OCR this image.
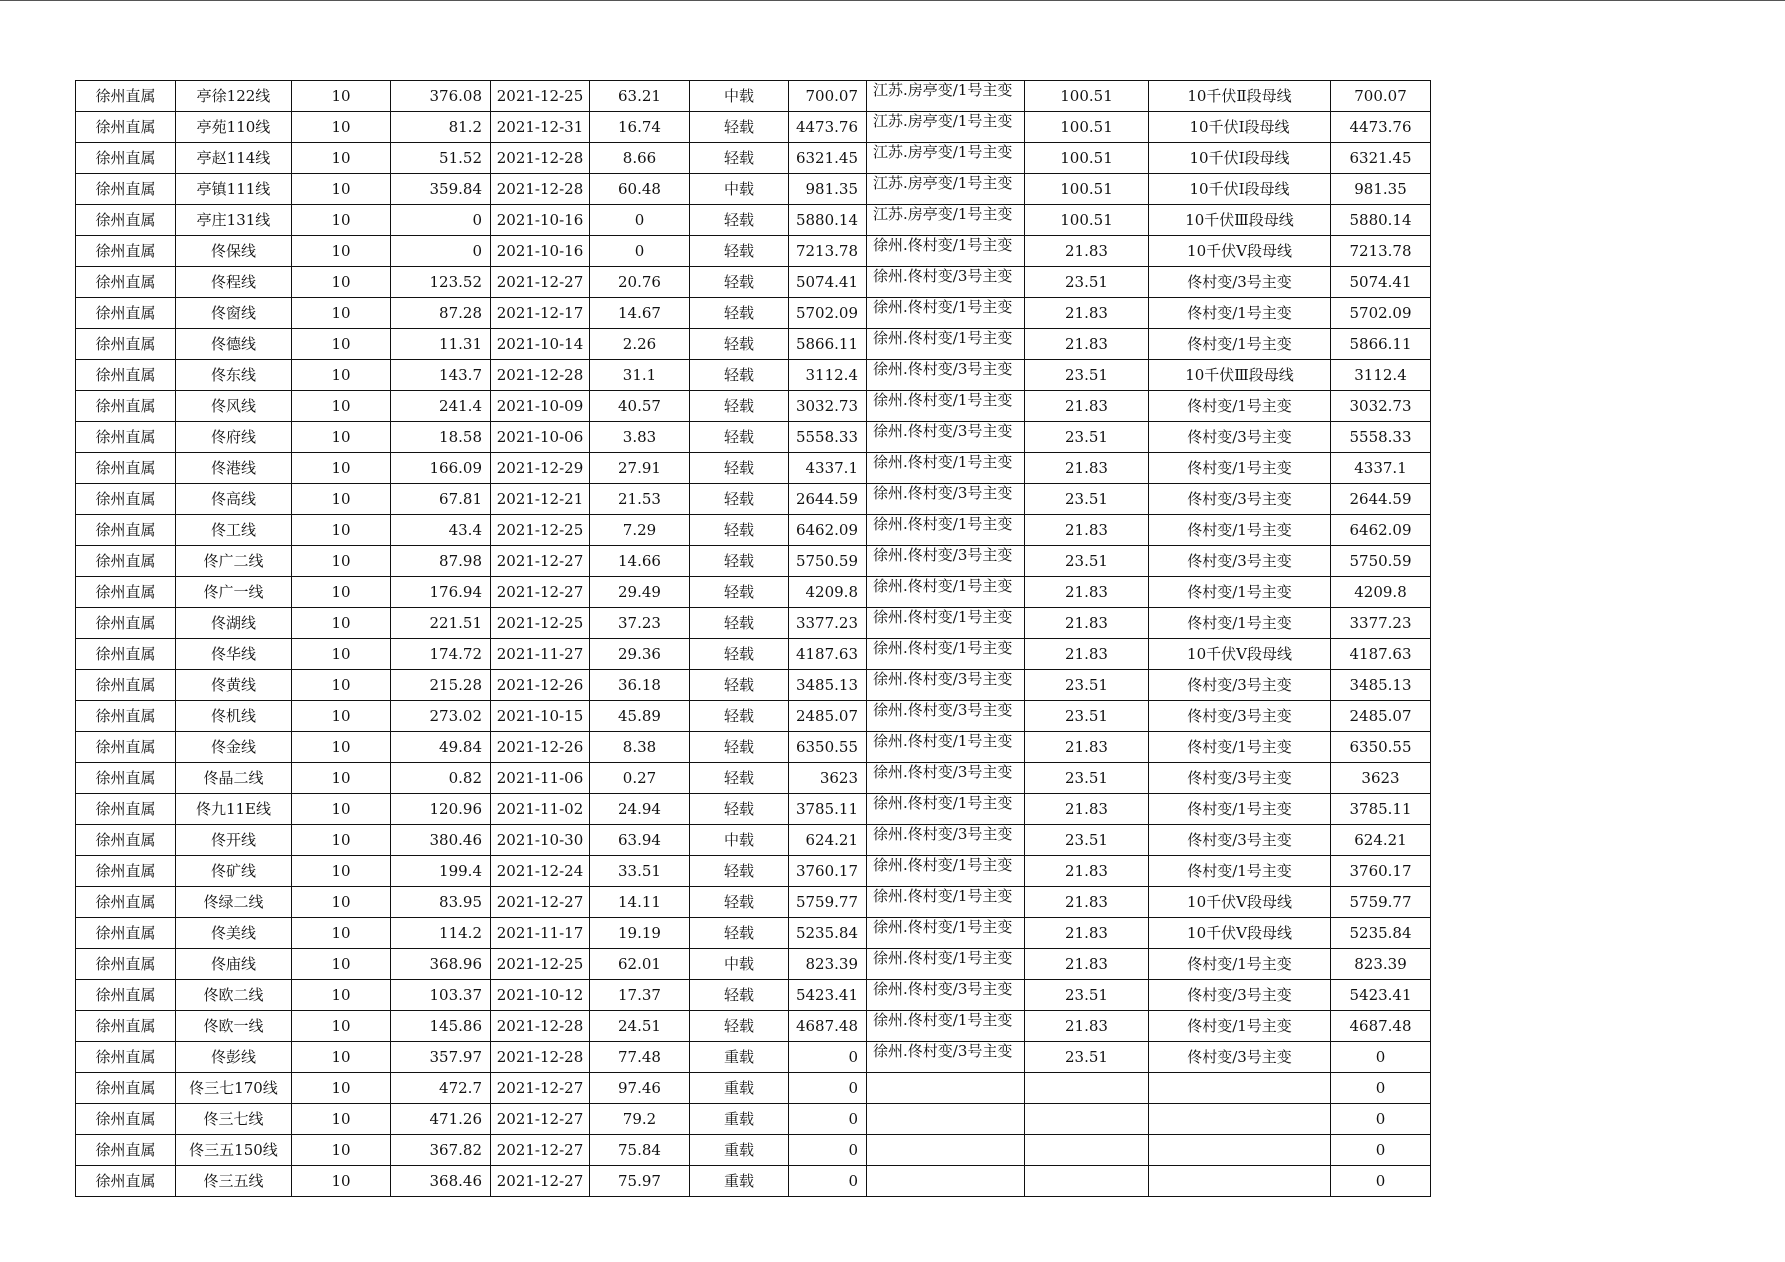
徐州直属	亭徐122线	10	376.08	2021-12-25	63.21	中载	700.07	江苏.房亭变/1号主变	100.51	10千伏Ⅱ段母线	700.07
徐州直属	亭苑110线	10	81.2	2021-12-31	16.74	轻载	4473.76	江苏.房亭变/1号主变	100.51	10千伏Ⅰ段母线	4473.76
徐州直属	亭赵114线	10	51.52	2021-12-28	8.66	轻载	6321.45	江苏.房亭变/1号主变	100.51	10千伏Ⅰ段母线	6321.45
徐州直属	亭镇111线	10	359.84	2021-12-28	60.48	中载	981.35	江苏.房亭变/1号主变	100.51	10千伏Ⅰ段母线	981.35
徐州直属	亭庄131线	10	0	2021-10-16	0	轻载	5880.14	江苏.房亭变/1号主变	100.51	10千伏Ⅲ段母线	5880.14
徐州直属	佟保线	10	0	2021-10-16	0	轻载	7213.78	徐州.佟村变/1号主变	21.83	10千伏Ⅴ段母线	7213.78
徐州直属	佟程线	10	123.52	2021-12-27	20.76	轻载	5074.41	徐州.佟村变/3号主变	23.51	佟村变/3号主变	5074.41
徐州直属	佟窗线	10	87.28	2021-12-17	14.67	轻载	5702.09	徐州.佟村变/1号主变	21.83	佟村变/1号主变	5702.09
徐州直属	佟德线	10	11.31	2021-10-14	2.26	轻载	5866.11	徐州.佟村变/1号主变	21.83	佟村变/1号主变	5866.11
徐州直属	佟东线	10	143.7	2021-12-28	31.1	轻载	3112.4	徐州.佟村变/3号主变	23.51	10千伏Ⅲ段母线	3112.4
徐州直属	佟风线	10	241.4	2021-10-09	40.57	轻载	3032.73	徐州.佟村变/1号主变	21.83	佟村变/1号主变	3032.73
徐州直属	佟府线	10	18.58	2021-10-06	3.83	轻载	5558.33	徐州.佟村变/3号主变	23.51	佟村变/3号主变	5558.33
徐州直属	佟港线	10	166.09	2021-12-29	27.91	轻载	4337.1	徐州.佟村变/1号主变	21.83	佟村变/1号主变	4337.1
徐州直属	佟高线	10	67.81	2021-12-21	21.53	轻载	2644.59	徐州.佟村变/3号主变	23.51	佟村变/3号主变	2644.59
徐州直属	佟工线	10	43.4	2021-12-25	7.29	轻载	6462.09	徐州.佟村变/1号主变	21.83	佟村变/1号主变	6462.09
徐州直属	佟广二线	10	87.98	2021-12-27	14.66	轻载	5750.59	徐州.佟村变/3号主变	23.51	佟村变/3号主变	5750.59
徐州直属	佟广一线	10	176.94	2021-12-27	29.49	轻载	4209.8	徐州.佟村变/1号主变	21.83	佟村变/1号主变	4209.8
徐州直属	佟湖线	10	221.51	2021-12-25	37.23	轻载	3377.23	徐州.佟村变/1号主变	21.83	佟村变/1号主变	3377.23
徐州直属	佟华线	10	174.72	2021-11-27	29.36	轻载	4187.63	徐州.佟村变/1号主变	21.83	10千伏Ⅴ段母线	4187.63
徐州直属	佟黄线	10	215.28	2021-12-26	36.18	轻载	3485.13	徐州.佟村变/3号主变	23.51	佟村变/3号主变	3485.13
徐州直属	佟机线	10	273.02	2021-10-15	45.89	轻载	2485.07	徐州.佟村变/3号主变	23.51	佟村变/3号主变	2485.07
徐州直属	佟金线	10	49.84	2021-12-26	8.38	轻载	6350.55	徐州.佟村变/1号主变	21.83	佟村变/1号主变	6350.55
徐州直属	佟晶二线	10	0.82	2021-11-06	0.27	轻载	3623	徐州.佟村变/3号主变	23.51	佟村变/3号主变	3623
徐州直属	佟九11E线	10	120.96	2021-11-02	24.94	轻载	3785.11	徐州.佟村变/1号主变	21.83	佟村变/1号主变	3785.11
徐州直属	佟开线	10	380.46	2021-10-30	63.94	中载	624.21	徐州.佟村变/3号主变	23.51	佟村变/3号主变	624.21
徐州直属	佟矿线	10	199.4	2021-12-24	33.51	轻载	3760.17	徐州.佟村变/1号主变	21.83	佟村变/1号主变	3760.17
徐州直属	佟绿二线	10	83.95	2021-12-27	14.11	轻载	5759.77	徐州.佟村变/1号主变	21.83	10千伏Ⅴ段母线	5759.77
徐州直属	佟美线	10	114.2	2021-11-17	19.19	轻载	5235.84	徐州.佟村变/1号主变	21.83	10千伏Ⅴ段母线	5235.84
徐州直属	佟庙线	10	368.96	2021-12-25	62.01	中载	823.39	徐州.佟村变/1号主变	21.83	佟村变/1号主变	823.39
徐州直属	佟欧二线	10	103.37	2021-10-12	17.37	轻载	5423.41	徐州.佟村变/3号主变	23.51	佟村变/3号主变	5423.41
徐州直属	佟欧一线	10	145.86	2021-12-28	24.51	轻载	4687.48	徐州.佟村变/1号主变	21.83	佟村变/1号主变	4687.48
徐州直属	佟彭线	10	357.97	2021-12-28	77.48	重载	0	徐州.佟村变/3号主变	23.51	佟村变/3号主变	0
徐州直属	佟三七170线	10	472.7	2021-12-27	97.46	重载	0				0
徐州直属	佟三七线	10	471.26	2021-12-27	79.2	重载	0				0
徐州直属	佟三五150线	10	367.82	2021-12-27	75.84	重载	0				0
徐州直属	佟三五线	10	368.46	2021-12-27	75.97	重载	0				0
